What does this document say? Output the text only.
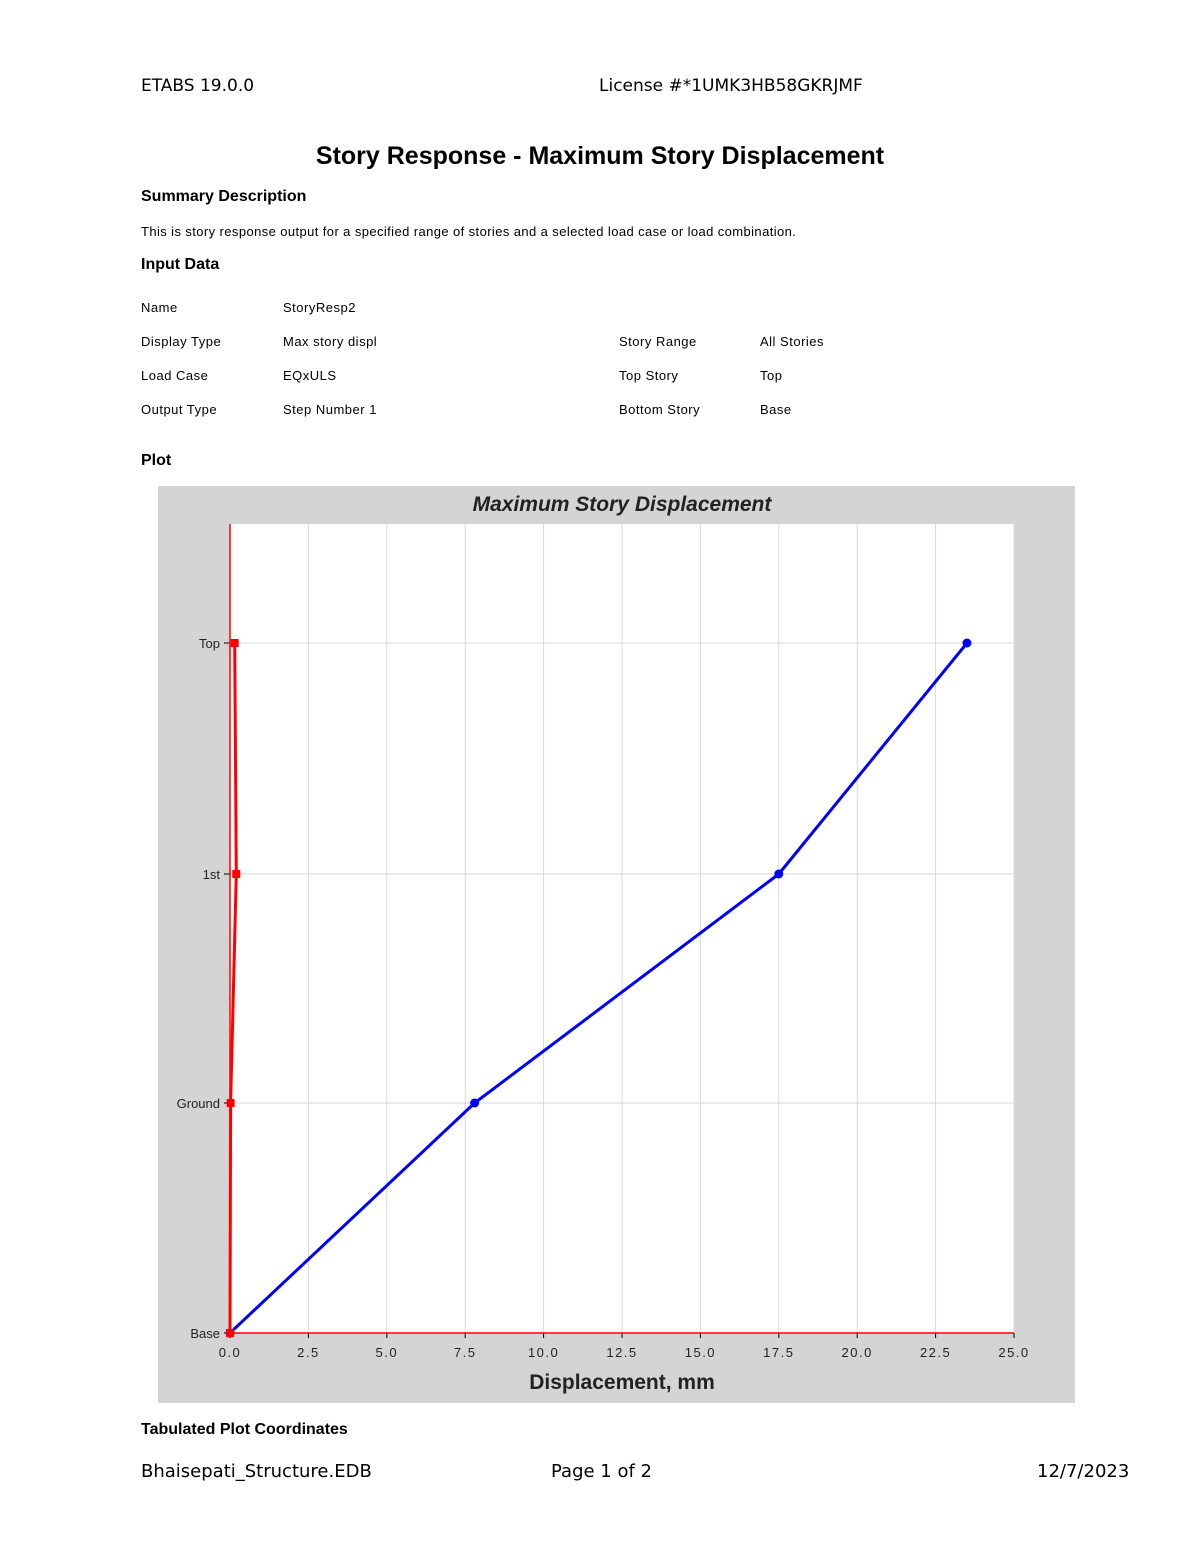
ETABS 19.0.0	License #*1UMK3HB58GKRJMF
Story Response - Maximum Story Displacement
Summary Description
This is story response output for a specified range of stories and a selected load case or load combination.
Input Data
Name	StoryResp2
Display Type	Max story displ	Story Range	All Stories
Load Case	EQxULS	Top Story	Top
Output Type	Step Number 1	Bottom Story	Base
Plot
0.0	2.5	5.0	7.5	10.0	12.5	15.0	17.5	20.0	22.5	25.0
Base
Ground
1st
Top
Maximum Story Displacement
Displacement, mm
Tabulated Plot Coordinates
Bhaisepati_Structure.EDB	Page 1 of 2	12/7/2023
